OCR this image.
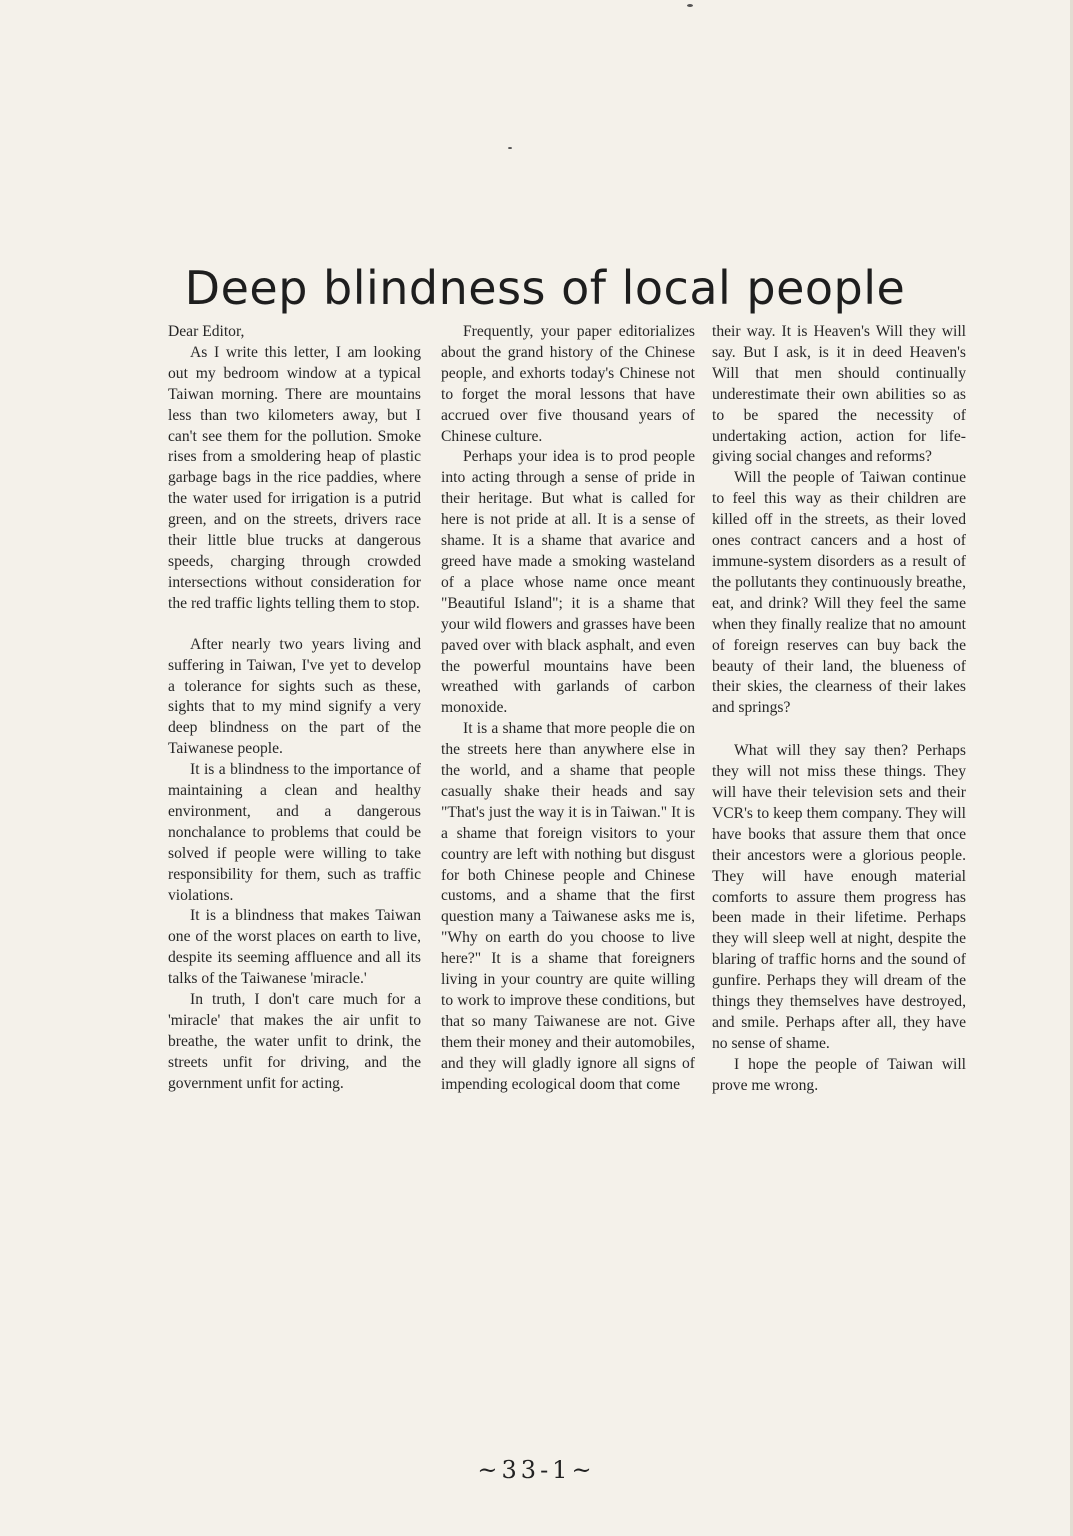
Deep blindness of local people

Dear Editor,

As I write this letter, I am looking out my bedroom window at a typical Taiwan morning. There are mountains less than two kilometers away, but I can't see them for the pollution. Smoke rises from a smoldering heap of plastic garbage bags in the rice paddies, where the water used for irrigation is a putrid green, and on the streets, drivers race their little blue trucks at dangerous speeds, charging through crowded intersections without consideration for the red traffic lights telling them to stop.

After nearly two years living and suffering in Taiwan, I've yet to develop a tolerance for sights such as these, sights that to my mind signify a very deep blindness on the part of the Taiwanese people.

It is a blindness to the importance of maintaining a clean and healthy environment, and a dangerous nonchalance to problems that could be solved if people were willing to take responsibility for them, such as traffic violations.

It is a blindness that makes Taiwan one of the worst places on earth to live, despite its seeming affluence and all its talks of the Taiwanese 'miracle.'

In truth, I don't care much for a 'miracle' that makes the air unfit to breathe, the water unfit to drink, the streets unfit for driving, and the government unfit for acting.

Frequently, your paper editorializes about the grand history of the Chinese people, and exhorts today's Chinese not to forget the moral lessons that have accrued over five thousand years of Chinese culture.

Perhaps your idea is to prod people into acting through a sense of pride in their heritage. But what is called for here is not pride at all. It is a sense of shame. It is a shame that avarice and greed have made a smoking wasteland of a place whose name once meant "Beautiful Island"; it is a shame that your wild flowers and grasses have been paved over with black asphalt, and even the powerful mountains have been wreathed with garlands of carbon monoxide.

It is a shame that more people die on the streets here than anywhere else in the world, and a shame that people casually shake their heads and say "That's just the way it is in Taiwan." It is a shame that foreign visitors to your country are left with nothing but disgust for both Chinese people and Chinese customs, and a shame that the first question many a Taiwanese asks me is, "Why on earth do you choose to live here?" It is a shame that foreigners living in your country are quite willing to work to improve these conditions, but that so many Taiwanese are not. Give them their money and their automobiles, and they will gladly ignore all signs of impending ecological doom that come

their way. It is Heaven's Will they will say. But I ask, is it in deed Heaven's Will that men should continually underestimate their own abilities so as to be spared the necessity of undertaking action, action for life-giving social changes and reforms?

Will the people of Taiwan continue to feel this way as their children are killed off in the streets, as their loved ones contract cancers and a host of immune-system disorders as a result of the pollutants they continuously breathe, eat, and drink? Will they feel the same when they finally realize that no amount of foreign reserves can buy back the beauty of their land, the blueness of their skies, the clearness of their lakes and springs?

What will they say then? Perhaps they will not miss these things. They will have their television sets and their VCR's to keep them company. They will have books that assure them that once their ancestors were a glorious people. They will have enough material comforts to assure them progress has been made in their lifetime. Perhaps they will sleep well at night, despite the blaring of traffic horns and the sound of gunfire. Perhaps they will dream of the things they themselves have destroyed, and smile. Perhaps after all, they have no sense of shame.

I hope the people of Taiwan will prove me wrong.

~33-1~
